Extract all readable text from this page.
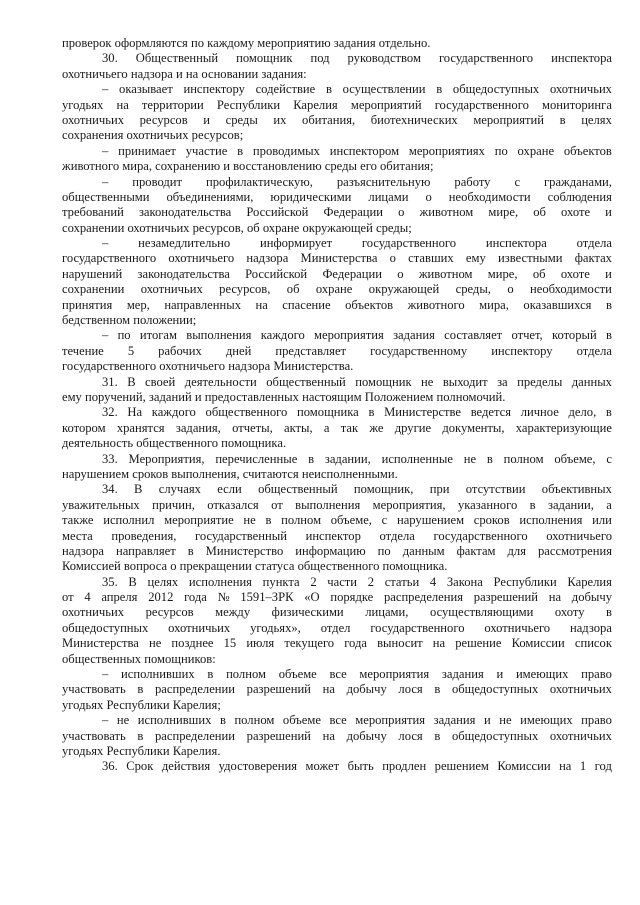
проверок оформляются по каждому мероприятию задания отдельно.
30. Общественный помощник под руководством государственного инспектора
охотничьего надзора и на основании задания:
– оказывает инспектору содействие в осуществлении в общедоступных охотничьих
угодьях на территории Республики Карелия мероприятий государственного мониторинга
охотничьих ресурсов и среды их обитания, биотехнических мероприятий в целях
сохранения охотничьих ресурсов;
– принимает участие в проводимых инспектором мероприятиях по охране объектов
животного мира, сохранению и восстановлению среды его обитания;
– проводит профилактическую, разъяснительную работу с гражданами,
общественными объединениями, юридическими лицами о необходимости соблюдения
требований законодательства Российской Федерации о животном мире, об охоте и
сохранении охотничьих ресурсов, об охране окружающей среды;
– незамедлительно информирует государственного инспектора отдела
государственного охотничьего надзора Министерства о ставших ему известными фактах
нарушений законодательства Российской Федерации о животном мире, об охоте и
сохранении охотничьих ресурсов, об охране окружающей среды, о необходимости
принятия мер, направленных на спасение объектов животного мира, оказавшихся в
бедственном положении;
– по итогам выполнения каждого мероприятия задания составляет отчет, который в
течение 5 рабочих дней представляет государственному инспектору отдела
государственного охотничьего надзора Министерства.
31. В своей деятельности общественный помощник не выходит за пределы данных
ему поручений, заданий и предоставленных настоящим Положением полномочий.
32. На каждого общественного помощника в Министерстве ведется личное дело, в
котором хранятся задания, отчеты, акты, а так же другие документы, характеризующие
деятельность общественного помощника.
33. Мероприятия, перечисленные в задании, исполненные не в полном объеме, с
нарушением сроков выполнения, считаются неисполненными.
34. В случаях если общественный помощник, при отсутствии объективных
уважительных причин, отказался от выполнения мероприятия, указанного в задании, а
также исполнил мероприятие не в полном объеме, с нарушением сроков исполнения или
места проведения, государственный инспектор отдела государственного охотничьего
надзора направляет в Министерство информацию по данным фактам для рассмотрения
Комиссией вопроса о прекращении статуса общественного помощника.
35. В целях исполнения пункта 2 части 2 статьи 4 Закона Республики Карелия
от 4 апреля 2012 года № 1591–ЗРК «О порядке распределения разрешений на добычу
охотничьих ресурсов между физическими лицами, осуществляющими охоту в
общедоступных охотничьих угодьях», отдел государственного охотничьего надзора
Министерства не позднее 15 июля текущего года выносит на решение Комиссии список
общественных помощников:
– исполнивших в полном объеме все мероприятия задания и имеющих право
участвовать в распределении разрешений на добычу лося в общедоступных охотничьих
угодьях Республики Карелия;
– не исполнивших в полном объеме все мероприятия задания и не имеющих право
участвовать в распределении разрешений на добычу лося в общедоступных охотничьих
угодьях Республики Карелия.
36. Срок действия удостоверения может быть продлен решением Комиссии на 1 год
